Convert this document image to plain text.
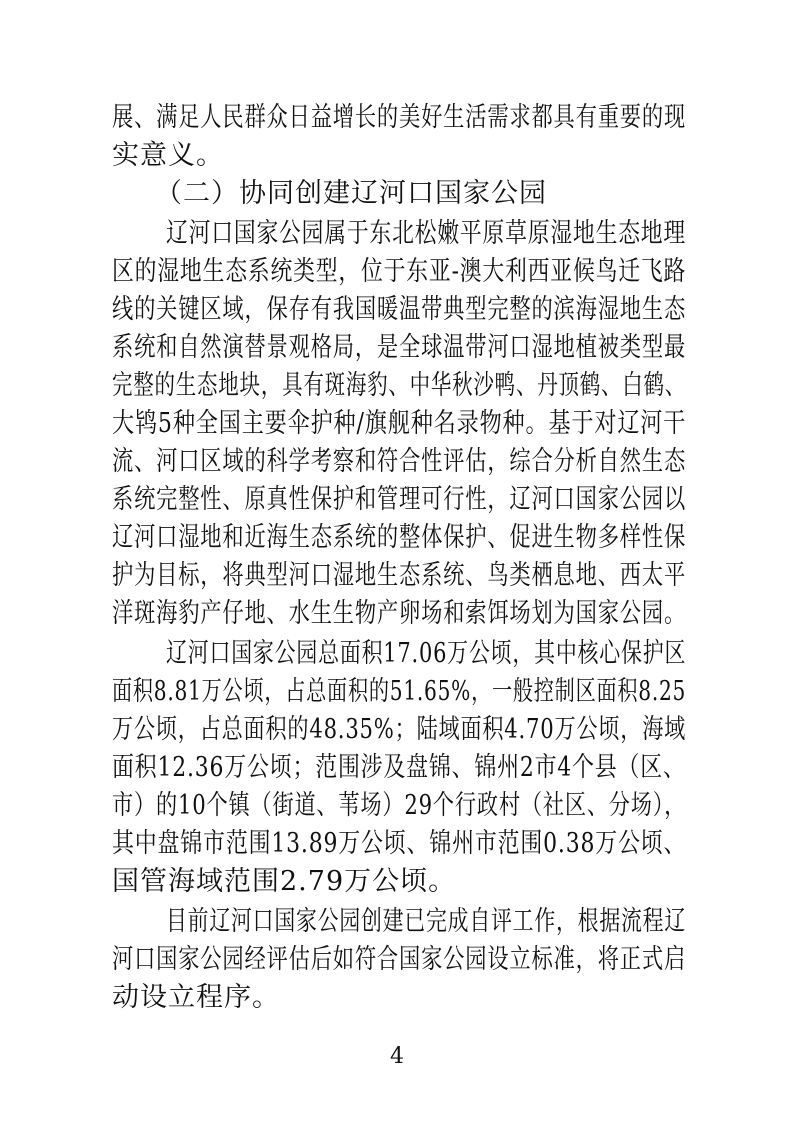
展、满足人民群众日益增长的美好生活需求都具有重要的现
实意义。
（二）协同创建辽河口国家公园
辽河口国家公园属于东北松嫩平原草原湿地生态地理
区的湿地生态系统类型，位于东亚-澳大利西亚候鸟迁飞路
线的关键区域，保存有我国暖温带典型完整的滨海湿地生态
系统和自然演替景观格局，是全球温带河口湿地植被类型最
完整的生态地块，具有斑海豹、中华秋沙鸭、丹顶鹤、白鹤、
大鸨5种全国主要伞护种/旗舰种名录物种。基于对辽河干
流、河口区域的科学考察和符合性评估，综合分析自然生态
系统完整性、原真性保护和管理可行性，辽河口国家公园以
辽河口湿地和近海生态系统的整体保护、促进生物多样性保
护为目标，将典型河口湿地生态系统、鸟类栖息地、西太平
洋斑海豹产仔地、水生生物产卵场和索饵场划为国家公园。
辽河口国家公园总面积17.06万公顷，其中核心保护区
面积8.81万公顷，占总面积的51.65%，一般控制区面积8.25
万公顷，占总面积的48.35%；陆域面积4.70万公顷，海域
面积12.36万公顷；范围涉及盘锦、锦州2市4个县（区、
市）的10个镇（街道、苇场）29个行政村（社区、分场），
其中盘锦市范围13.89万公顷、锦州市范围0.38万公顷、
国管海域范围2.79万公顷。
目前辽河口国家公园创建已完成自评工作，根据流程辽
河口国家公园经评估后如符合国家公园设立标准，将正式启
动设立程序。
4
